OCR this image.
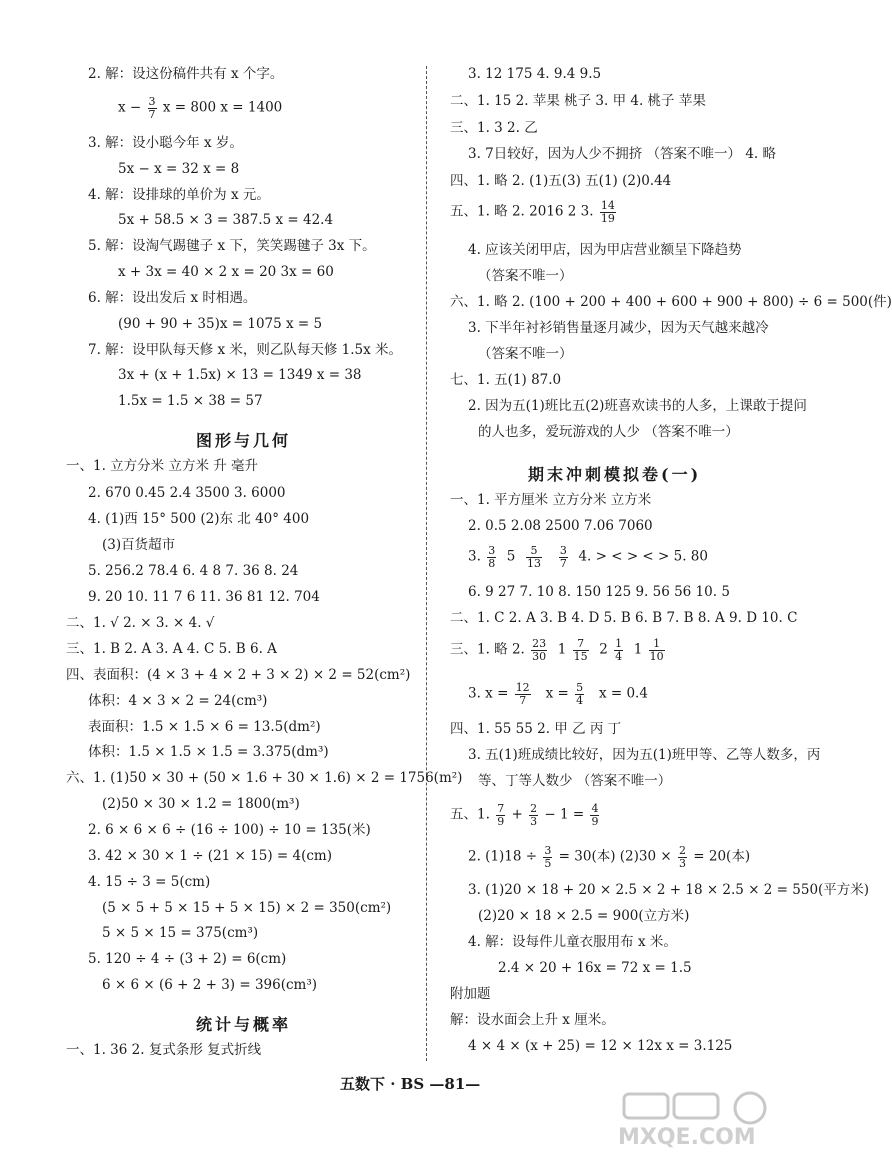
2. 解：设这份稿件共有 x 个字。
$x - \frac{3}{7}$ x = 800 x = 1400
3. 解：设小聪今年 x 岁。
5x − x = 32 x = 8
4. 解：设排球的单价为 x 元。
5x + 58.5 × 3 = 387.5 x = 42.4
5. 解：设淘气踢毽子 x 下，笑笑踢毽子 3x 下。
x + 3x = 40 × 2 x = 20 3x = 60
6. 解：设出发后 x 时相遇。
(90 + 90 + 35)x = 1075 x = 5
7. 解：设甲队每天修 x 米，则乙队每天修 1.5x 米。
3x + (x + 1.5x) × 13 = 1349 x = 38
1.5x = 1.5 × 38 = 57
图形与几何
一、1. 立方分米 立方米 升 毫升
2. 670 0.45 2.4 3500 3. 6000
4. (1)西 15° 500 (2)东 北 40° 400
(3)百货超市
5. 256.2 78.4 6. 4 8 7. 36 8. 24
9. 20 10. 11 7 6 11. 36 81 12. 704
二、1. √ 2. × 3. × 4. √
三、1. B 2. A 3. A 4. C 5. B 6. A
四、表面积：(4 × 3 + 4 × 2 + 3 × 2) × 2 = 52(cm²)
体积：4 × 3 × 2 = 24(cm³)
表面积：1.5 × 1.5 × 6 = 13.5(dm²)
体积：1.5 × 1.5 × 1.5 = 3.375(dm³)
六、1. (1)50 × 30 + (50 × 1.6 + 30 × 1.6) × 2 = 1756(m²)
(2)50 × 30 × 1.2 = 1800(m³)
2. 6 × 6 × 6 ÷ (16 ÷ 100) ÷ 10 = 135(米)
3. 42 × 30 × 1 ÷ (21 × 15) = 4(cm)
4. 15 ÷ 3 = 5(cm)
(5 × 5 + 5 × 15 + 5 × 15) × 2 = 350(cm²)
5 × 5 × 15 = 375(cm³)
5. 120 ÷ 4 ÷ (3 + 2) = 6(cm)
6 × 6 × (6 + 2 + 3) = 396(cm³)
统计与概率
一、1. 36 2. 复式条形 复式折线
3. 12 175 4. 9.4 9.5
二、1. 15 2. 苹果 桃子 3. 甲 4. 桃子 苹果
三、1. 3 2. 乙
3. 7日较好，因为人少不拥挤 （答案不唯一） 4. 略
四、1. 略 2. (1)五(3) 五(1) (2)0.44
五、1. 略 2. 2016 2 3. $\frac{14}{19}$
4. 应该关闭甲店，因为甲店营业额呈下降趋势
（答案不唯一）
六、1. 略 2. (100 + 200 + 400 + 600 + 900 + 800) ÷ 6 = 500(件)
3. 下半年衬衫销售量逐月减少，因为天气越来越冷
（答案不唯一）
七、1. 五(1) 87.0
2. 因为五(1)班比五(2)班喜欢读书的人多，上课敢于提问
的人也多，爱玩游戏的人少 （答案不唯一）
期末冲刺模拟卷(一)
一、1. 平方厘米 立方分米 立方米
2. 0.5 2.08 2500 7.06 7060
3. $\frac{3}{8} 5 \frac{5}{13}$
$\frac{3}{7} 4$. > < > < > 5. 80
6. 9 27 7. 10 8. 150 125 9. 56 56 10. 5
二、1. C 2. A 3. B 4. D 5. B 6. B 7. B 8. A 9. D 10. C
三、1. 略 2. $\frac{23}{30} 1 \frac{7}{15} 2 \frac{1}{4} 1 \frac{1}{10}$
3. $x = \frac{12}{7}$ $x = \frac{5}{4}$ x = 0.4
四、1. 55 55 2. 甲 乙 丙 丁
3. 五(1)班成绩比较好，因为五(1)班甲等、乙等人数多，丙
等、丁等人数少 （答案不唯一）
五、1. $\frac{7}{9} + \frac{2}{3} - 1 = \frac{4}{9}$
2. $(1)18 \div \frac{3}{5} = 30$(本) $(2)30 \times \frac{2}{3} = 20$(本)
3. (1)20 × 18 + 20 × 2.5 × 2 + 18 × 2.5 × 2 = 550(平方米)
(2)20 × 18 × 2.5 = 900(立方米)
4. 解：设每件儿童衣服用布 x 米。
2.4 × 20 + 16x = 72 x = 1.5
附加题
解：设水面会上升 x 厘米。
4 × 4 × (x + 25) = 12 × 12x x = 3.125
五数下 · BS —81—
MXQE.COM
